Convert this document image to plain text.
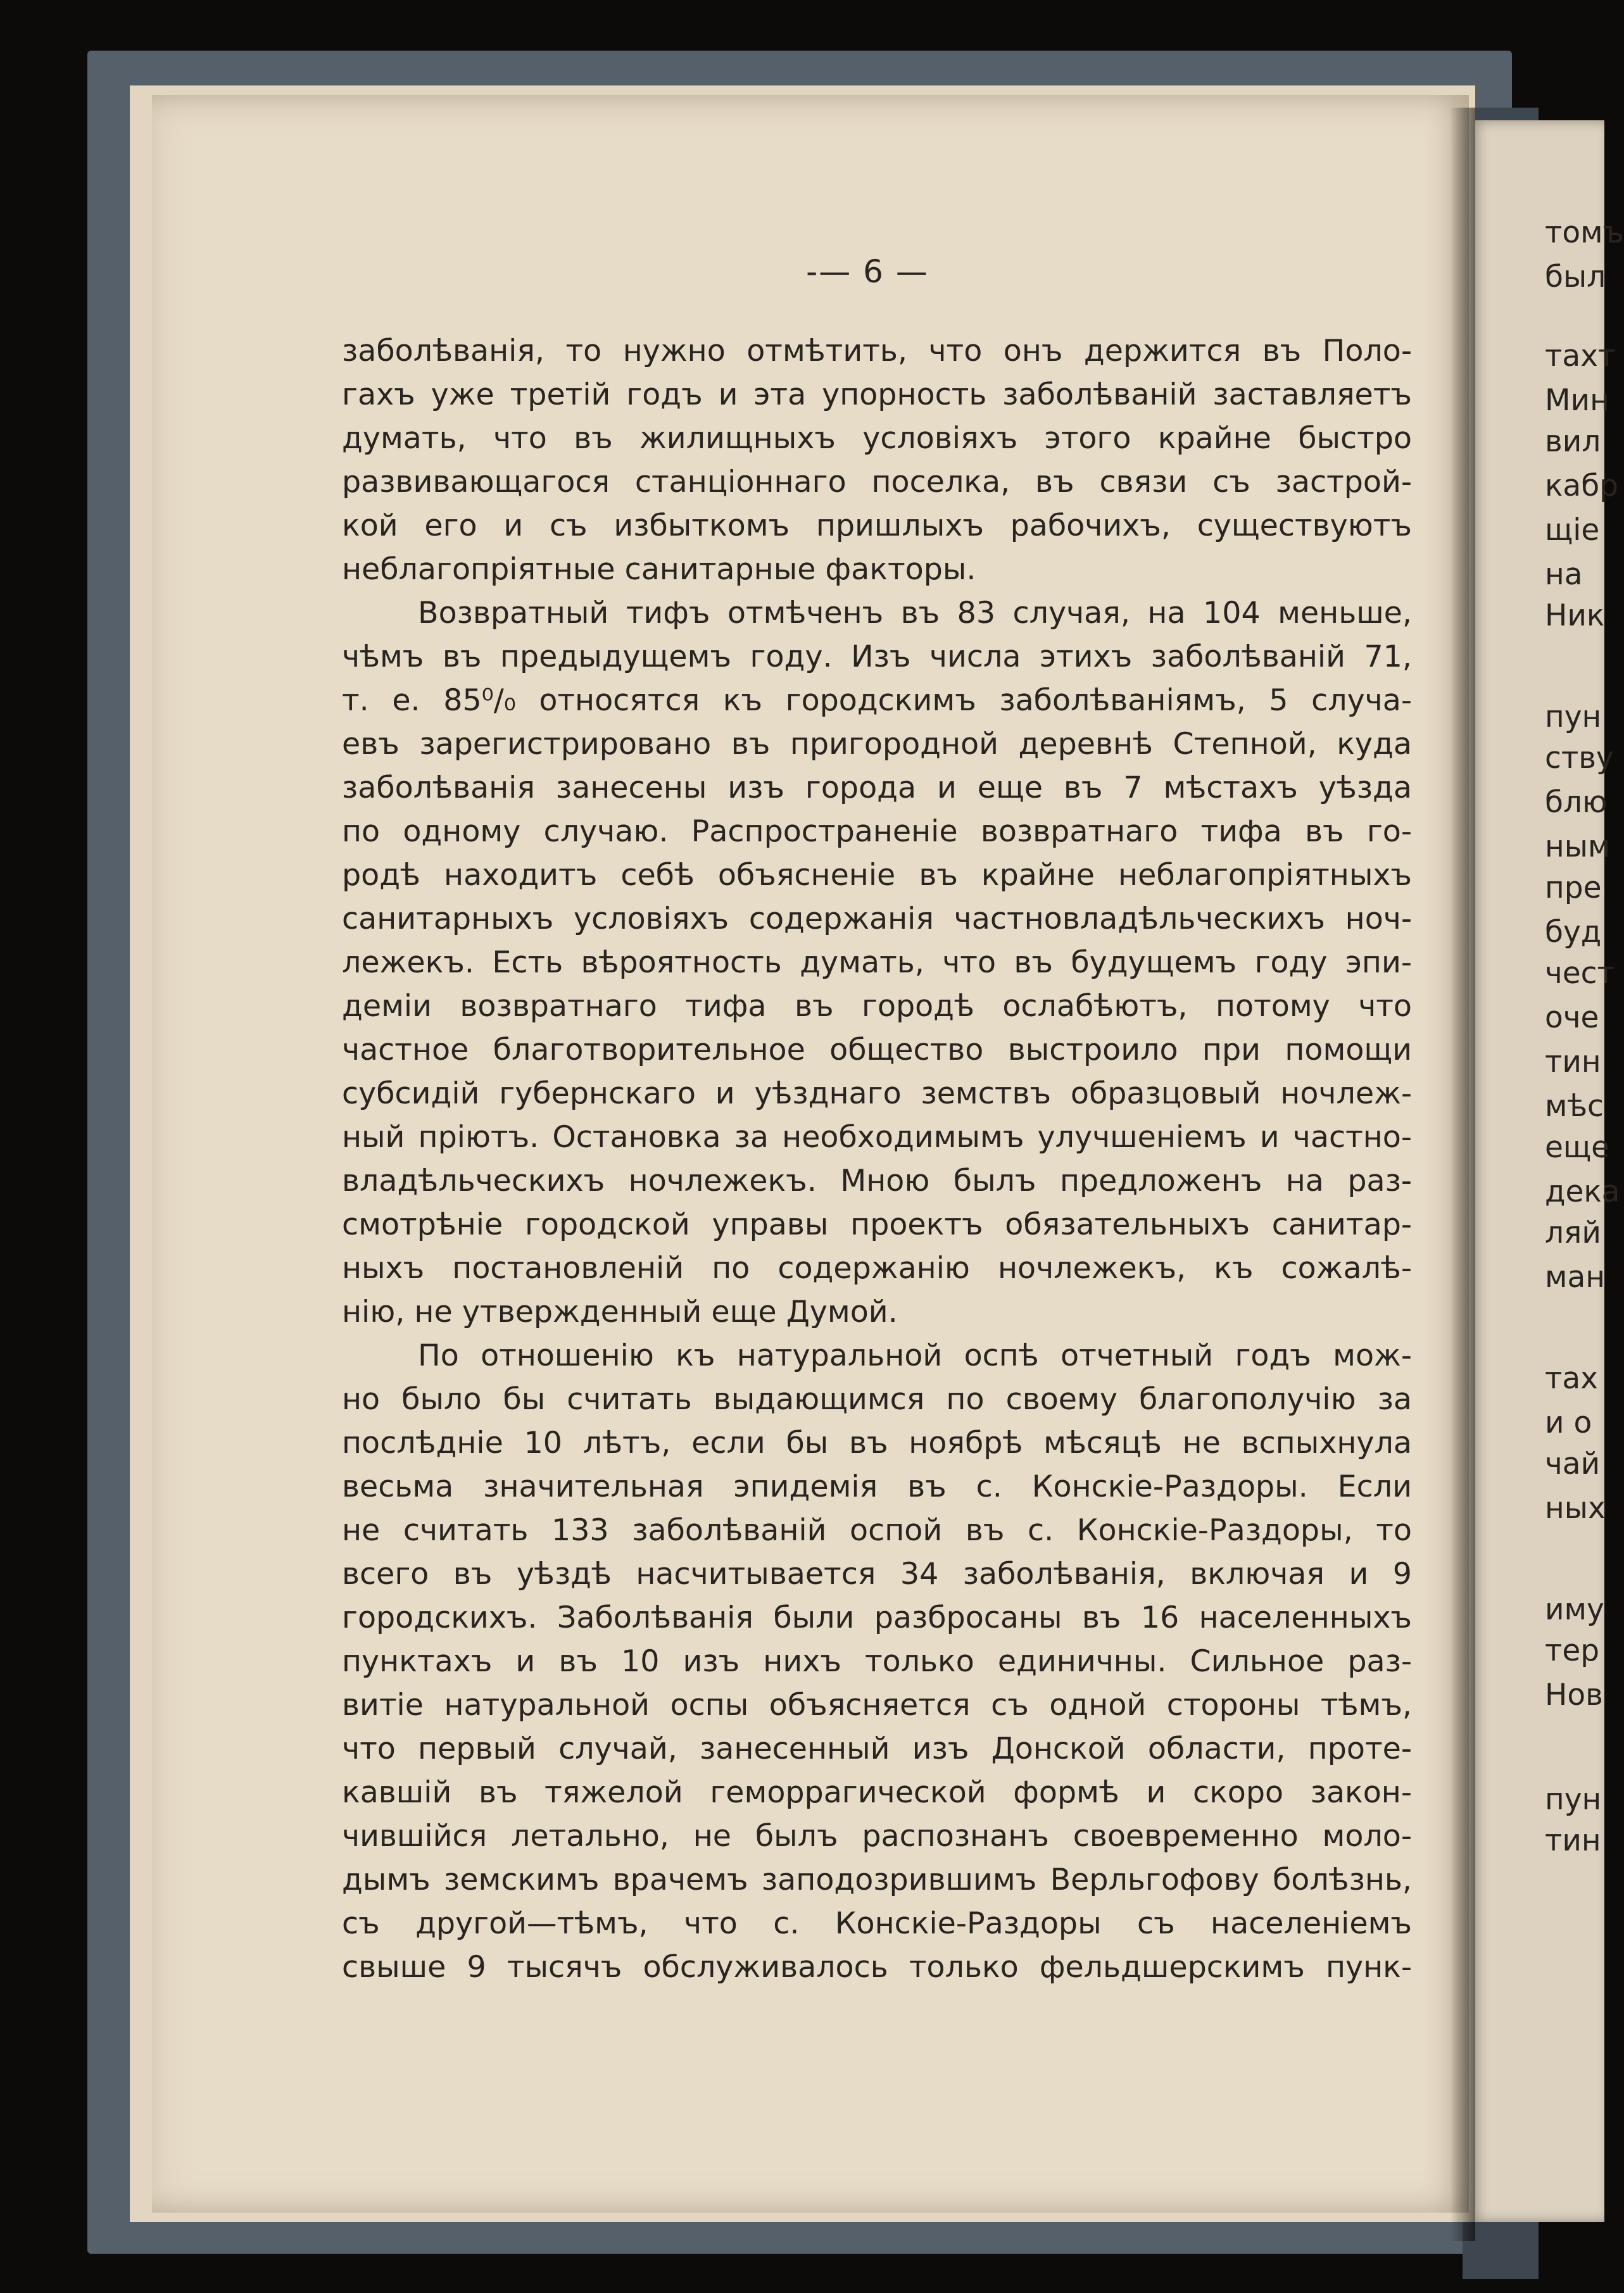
томъ
был
тахт
Мин
вил
кабр
щіе
на
Ник
пун
ству
блю
ным
пре
буд
чест
оче
тин
мѣс
еще
дека
ляй
ман
тах
и о
чай
ных
иму
тер
Нов
пун
тин
-— 6 —
заболѣванія, то нужно отмѣтить, что онъ держится въ Поло-
гахъ уже третій годъ и эта упорность заболѣваній заставляетъ
думать, что въ жилищныхъ условіяхъ этого крайне быстро
развивающагося станціоннаго поселка, въ связи съ застрой-
кой его и съ избыткомъ пришлыхъ рабочихъ, существуютъ
неблагопріятные санитарные факторы.
Возвратный тифъ отмѣченъ въ 83 случая, на 104 меньше,
чѣмъ въ предыдущемъ году. Изъ числа этихъ заболѣваній 71,
т. е. 85⁰/₀ относятся къ городскимъ заболѣваніямъ, 5 случа-
евъ зарегистрировано въ пригородной деревнѣ Степной, куда
заболѣванія занесены изъ города и еще въ 7 мѣстахъ уѣзда
по одному случаю. Распространеніе возвратнаго тифа въ го-
родѣ находитъ себѣ объясненіе въ крайне неблагопріятныхъ
санитарныхъ условіяхъ содержанія частновладѣльческихъ ноч-
лежекъ. Есть вѣроятность думать, что въ будущемъ году эпи-
деміи возвратнаго тифа въ городѣ ослабѣютъ, потому что
частное благотворительное общество выстроило при помощи
субсидій губернскаго и уѣзднаго земствъ образцовый ночлеж-
ный пріютъ. Остановка за необходимымъ улучшеніемъ и частно-
владѣльческихъ ночлежекъ. Мною былъ предложенъ на раз-
смотрѣніе городской управы проектъ обязательныхъ санитар-
ныхъ постановленій по содержанію ночлежекъ, къ сожалѣ-
нію, не утвержденный еще Думой.
По отношенію къ натуральной оспѣ отчетный годъ мож-
но было бы считать выдающимся по своему благополучію за
послѣдніе 10 лѣтъ, если бы въ ноябрѣ мѣсяцѣ не вспыхнула
весьма значительная эпидемія въ с. Конскіе-Раздоры. Если
не считать 133 заболѣваній оспой въ с. Конскіе-Раздоры, то
всего въ уѣздѣ насчитывается 34 заболѣванія, включая и 9
городскихъ. Заболѣванія были разбросаны въ 16 населенныхъ
пунктахъ и въ 10 изъ нихъ только единичны. Сильное раз-
витіе натуральной оспы объясняется съ одной стороны тѣмъ,
что первый случай, занесенный изъ Донской области, проте-
кавшій въ тяжелой геморрагической формѣ и скоро закон-
чившійся летально, не былъ распознанъ своевременно моло-
дымъ земскимъ врачемъ заподозрившимъ Верльгофову болѣзнь,
съ другой—тѣмъ, что с. Конскіе-Раздоры съ населеніемъ
свыше 9 тысячъ обслуживалось только фельдшерскимъ пунк-
